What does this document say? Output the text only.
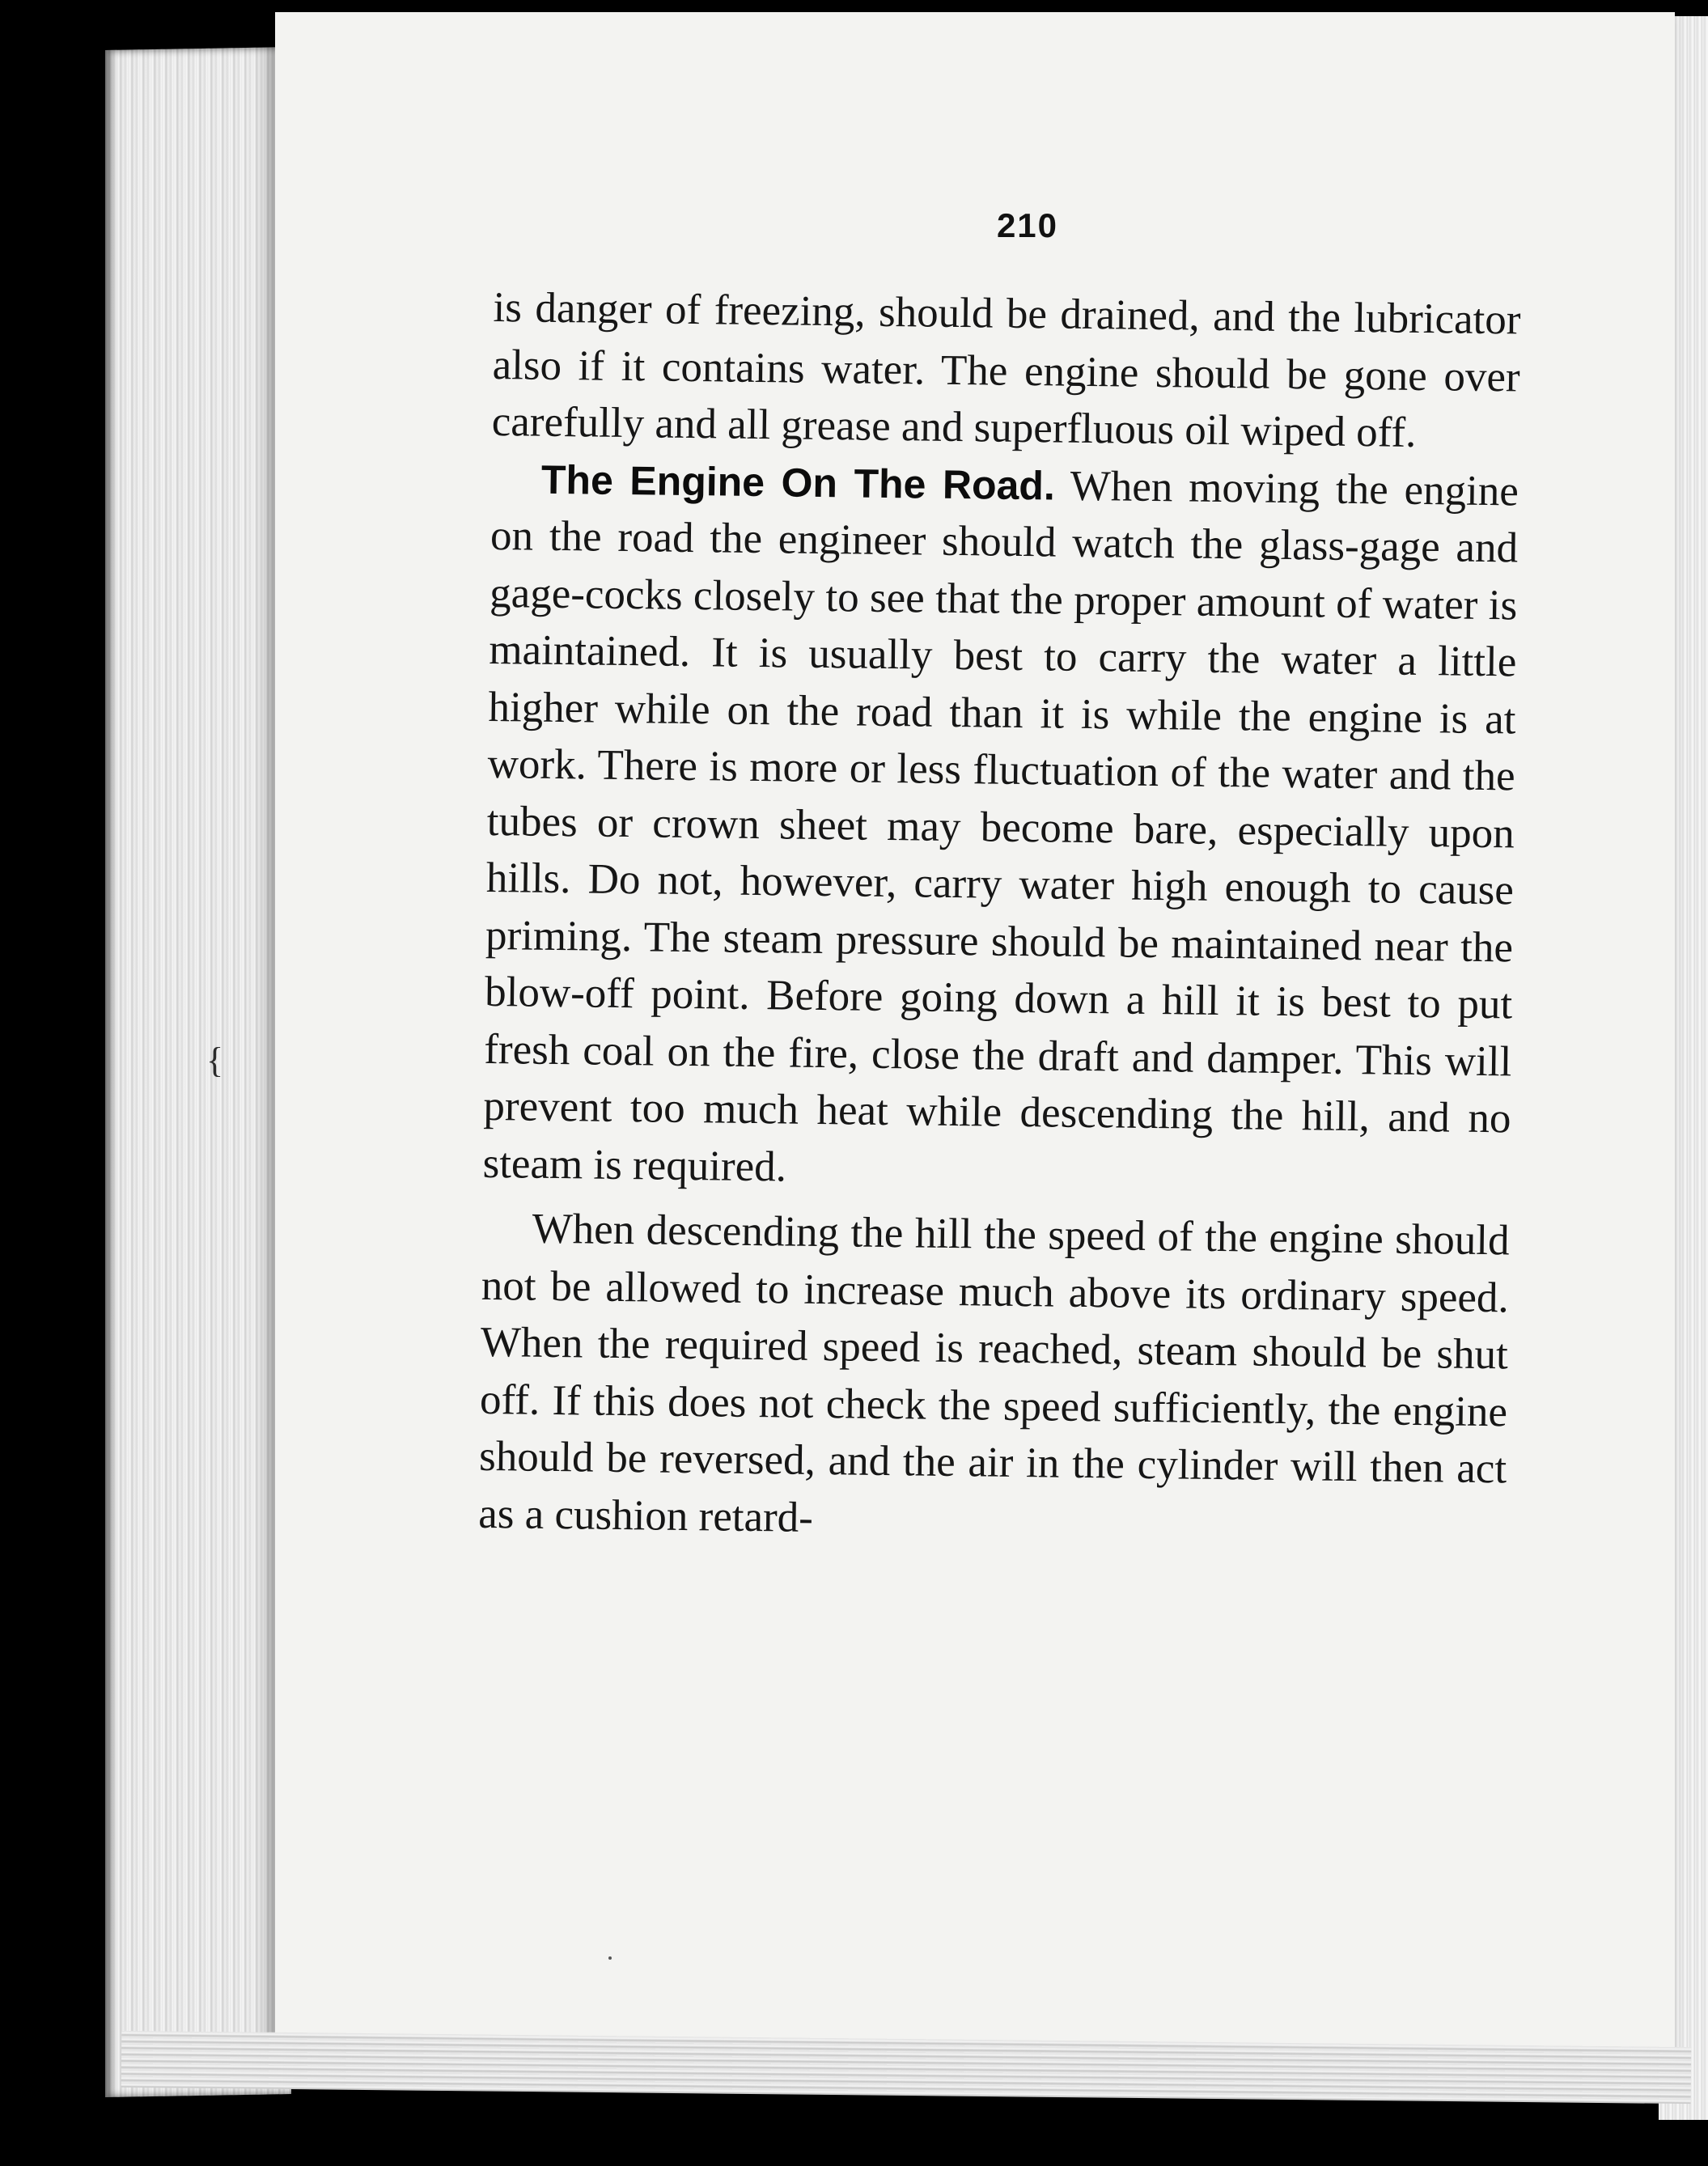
{
210

is danger of freezing, should be drained, and the lubricator also if it contains water. The engine should be gone over carefully and all grease and superfluous oil wiped off.

The Engine On The Road. When moving the engine on the road the engineer should watch the glass-gage and gage-cocks closely to see that the proper amount of water is maintained. It is usually best to carry the water a little higher while on the road than it is while the engine is at work. There is more or less fluctuation of the water and the tubes or crown sheet may become bare, especially upon hills. Do not, however, carry water high enough to cause priming. The steam pressure should be maintained near the blow-off point. Before going down a hill it is best to put fresh coal on the fire, close the draft and damper. This will prevent too much heat while descending the hill, and no steam is required.

When descending the hill the speed of the engine should not be allowed to increase much above its ordinary speed. When the required speed is reached, steam should be shut off. If this does not check the speed sufficiently, the engine should be reversed, and the air in the cylinder will then act as a cushion retard-
